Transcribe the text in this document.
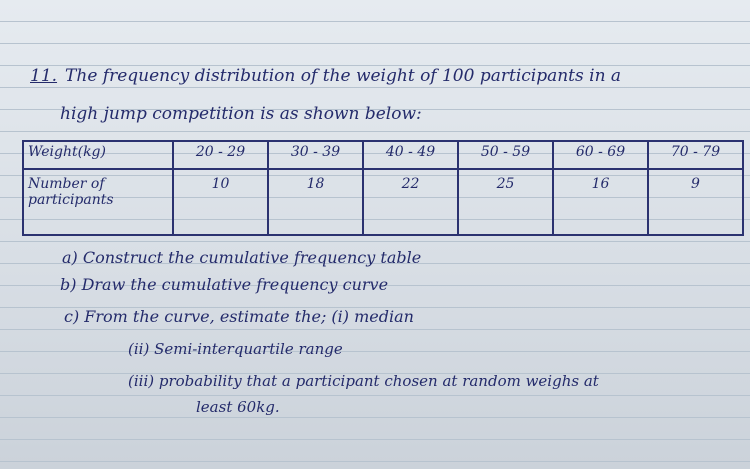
11. The frequency distribution of the weight of 100 participants in a
high jump competition is as shown below:
Weight(kg)	20 - 29	30 - 39	40 - 49	50 - 59	60 - 69	70 - 79
Number of participants	10	18	22	25	16	9
a) Construct the cumulative frequency table
b) Draw the cumulative frequency curve
c) From the curve, estimate the; (i) median
(ii) Semi-interquartile range
(iii) probability that a participant chosen at random weighs at
least 60kg.
